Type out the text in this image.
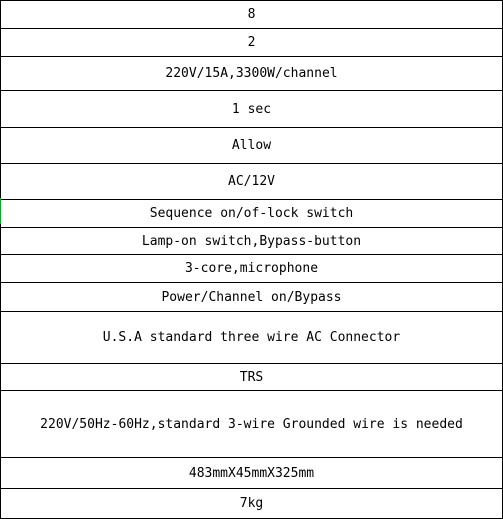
8
2
220V/15A,3300W/channel
1 sec
Allow
AC/12V
Sequence on/of-lock switch
Lamp-on switch,Bypass-button
3-core,microphone
Power/Channel on/Bypass
U.S.A standard three wire AC Connector
TRS
220V/50Hz-60Hz,standard 3-wire Grounded wire is needed
483mmX45mmX325mm
7kg
